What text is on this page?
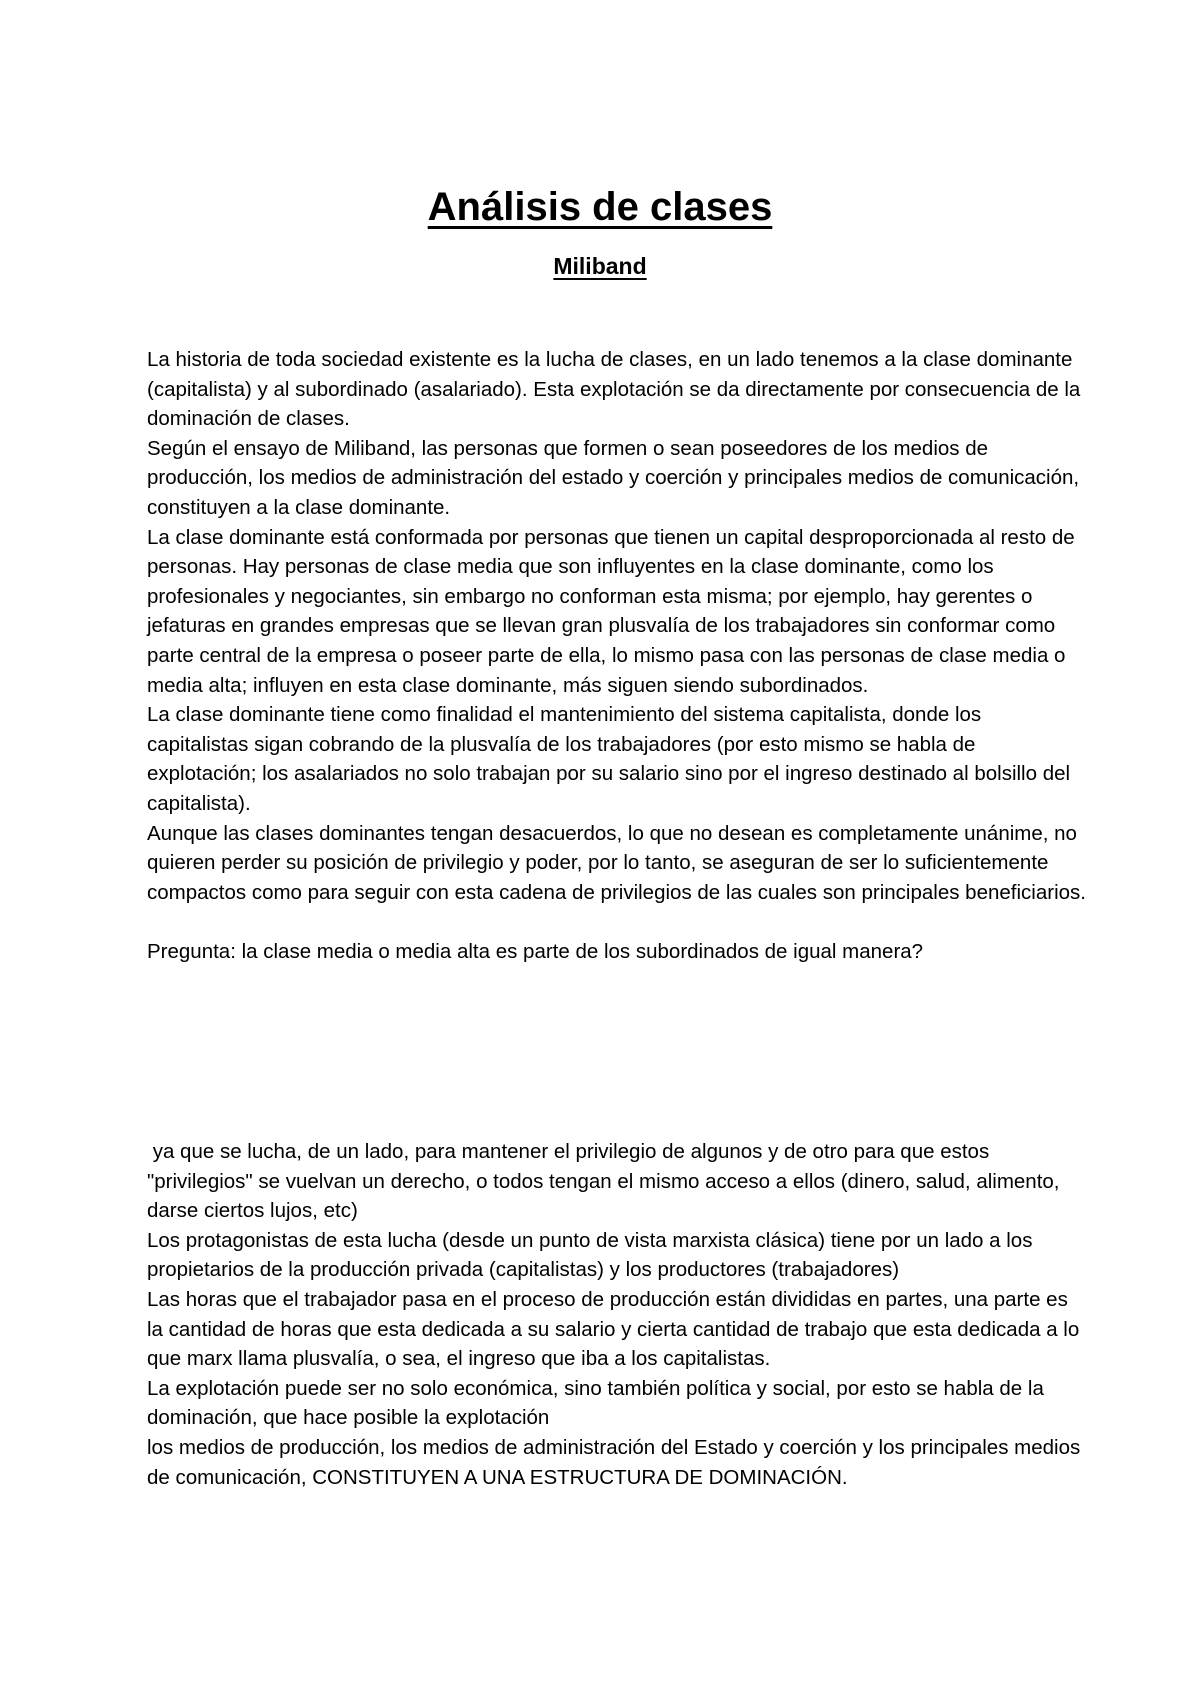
Análisis de clases
Miliband

La historia de toda sociedad existente es la lucha de clases, en un lado tenemos a la clase dominante (capitalista) y al subordinado (asalariado). Esta explotación se da directamente por consecuencia de la dominación de clases.

Según el ensayo de Miliband, las personas que formen o sean poseedores de los medios de producción, los medios de administración del estado y coerción y principales medios de comunicación, constituyen a la clase dominante.

La clase dominante está conformada por personas que tienen un capital desproporcionada al resto de personas. Hay personas de clase media que son influyentes en la clase dominante, como los profesionales y negociantes, sin embargo no conforman esta misma; por ejemplo, hay gerentes o jefaturas en grandes empresas que se llevan gran plusvalía de los trabajadores sin conformar como parte central de la empresa o poseer parte de ella, lo mismo pasa con las personas de clase media o media alta; influyen en esta clase dominante, más siguen siendo subordinados.

La clase dominante tiene como finalidad el mantenimiento del sistema capitalista, donde los capitalistas sigan cobrando de la plusvalía de los trabajadores (por esto mismo se habla de explotación; los asalariados no solo trabajan por su salario sino por el ingreso destinado al bolsillo del capitalista).

Aunque las clases dominantes tengan desacuerdos, lo que no desean es completamente unánime, no quieren perder su posición de privilegio y poder, por lo tanto, se aseguran de ser lo suficientemente compactos como para seguir con esta cadena de privilegios de las cuales son principales beneficiarios.

Pregunta: la clase media o media alta es parte de los subordinados de igual manera?

ya que se lucha, de un lado, para mantener el privilegio de algunos y de otro para que estos "privilegios" se vuelvan un derecho, o todos tengan el mismo acceso a ellos (dinero, salud, alimento, darse ciertos lujos, etc)

Los protagonistas de esta lucha (desde un punto de vista marxista clásica) tiene por un lado a los propietarios de la producción privada (capitalistas) y los productores (trabajadores)

Las horas que el trabajador pasa en el proceso de producción están divididas en partes, una parte es la cantidad de horas que esta dedicada a su salario y cierta cantidad de trabajo que esta dedicada a lo que marx llama plusvalía, o sea, el ingreso que iba a los capitalistas.

La explotación puede ser no solo económica, sino también política y social, por esto se habla de la dominación, que hace posible la explotación

los medios de producción, los medios de administración del Estado y coerción y los principales medios de comunicación, CONSTITUYEN A UNA ESTRUCTURA DE DOMINACIÓN.
